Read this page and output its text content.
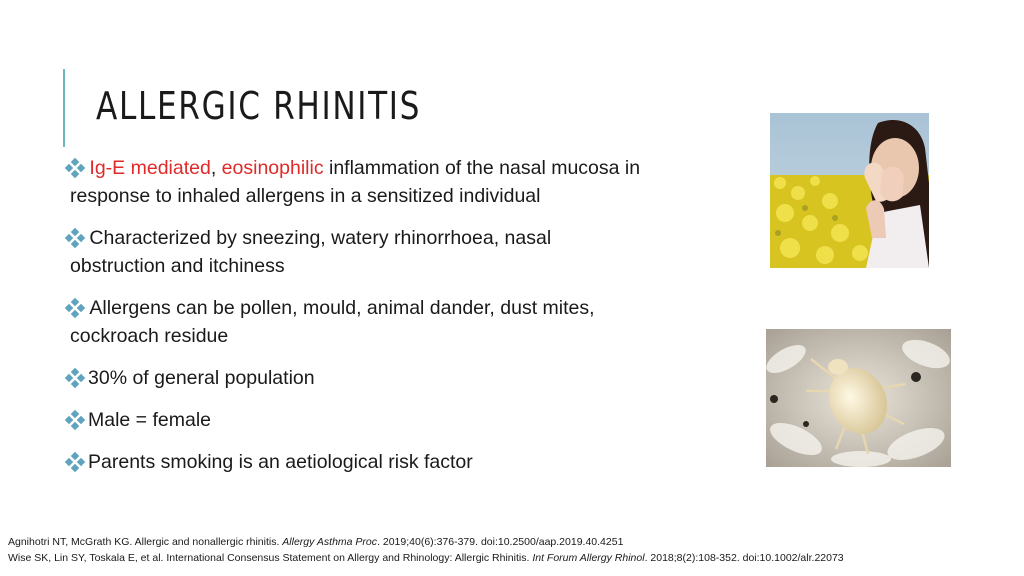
ALLERGIC RHINITIS
Ig-E mediated, eosinophilic inflammation of the nasal mucosa in
response to inhaled allergens in a sensitized individual
Characterized by sneezing, watery rhinorrhoea, nasal
obstruction and itchiness
Allergens can be pollen, mould, animal dander, dust mites,
cockroach residue
30% of general population
Male = female
Parents smoking is an aetiological risk factor
Agnihotri NT, McGrath KG. Allergic and nonallergic rhinitis. Allergy Asthma Proc. 2019;40(6):376-379. doi:10.2500/aap.2019.40.4251
Wise SK, Lin SY, Toskala E, et al. International Consensus Statement on Allergy and Rhinology: Allergic Rhinitis. Int Forum Allergy Rhinol. 2018;8(2):108-352. doi:10.1002/alr.22073
